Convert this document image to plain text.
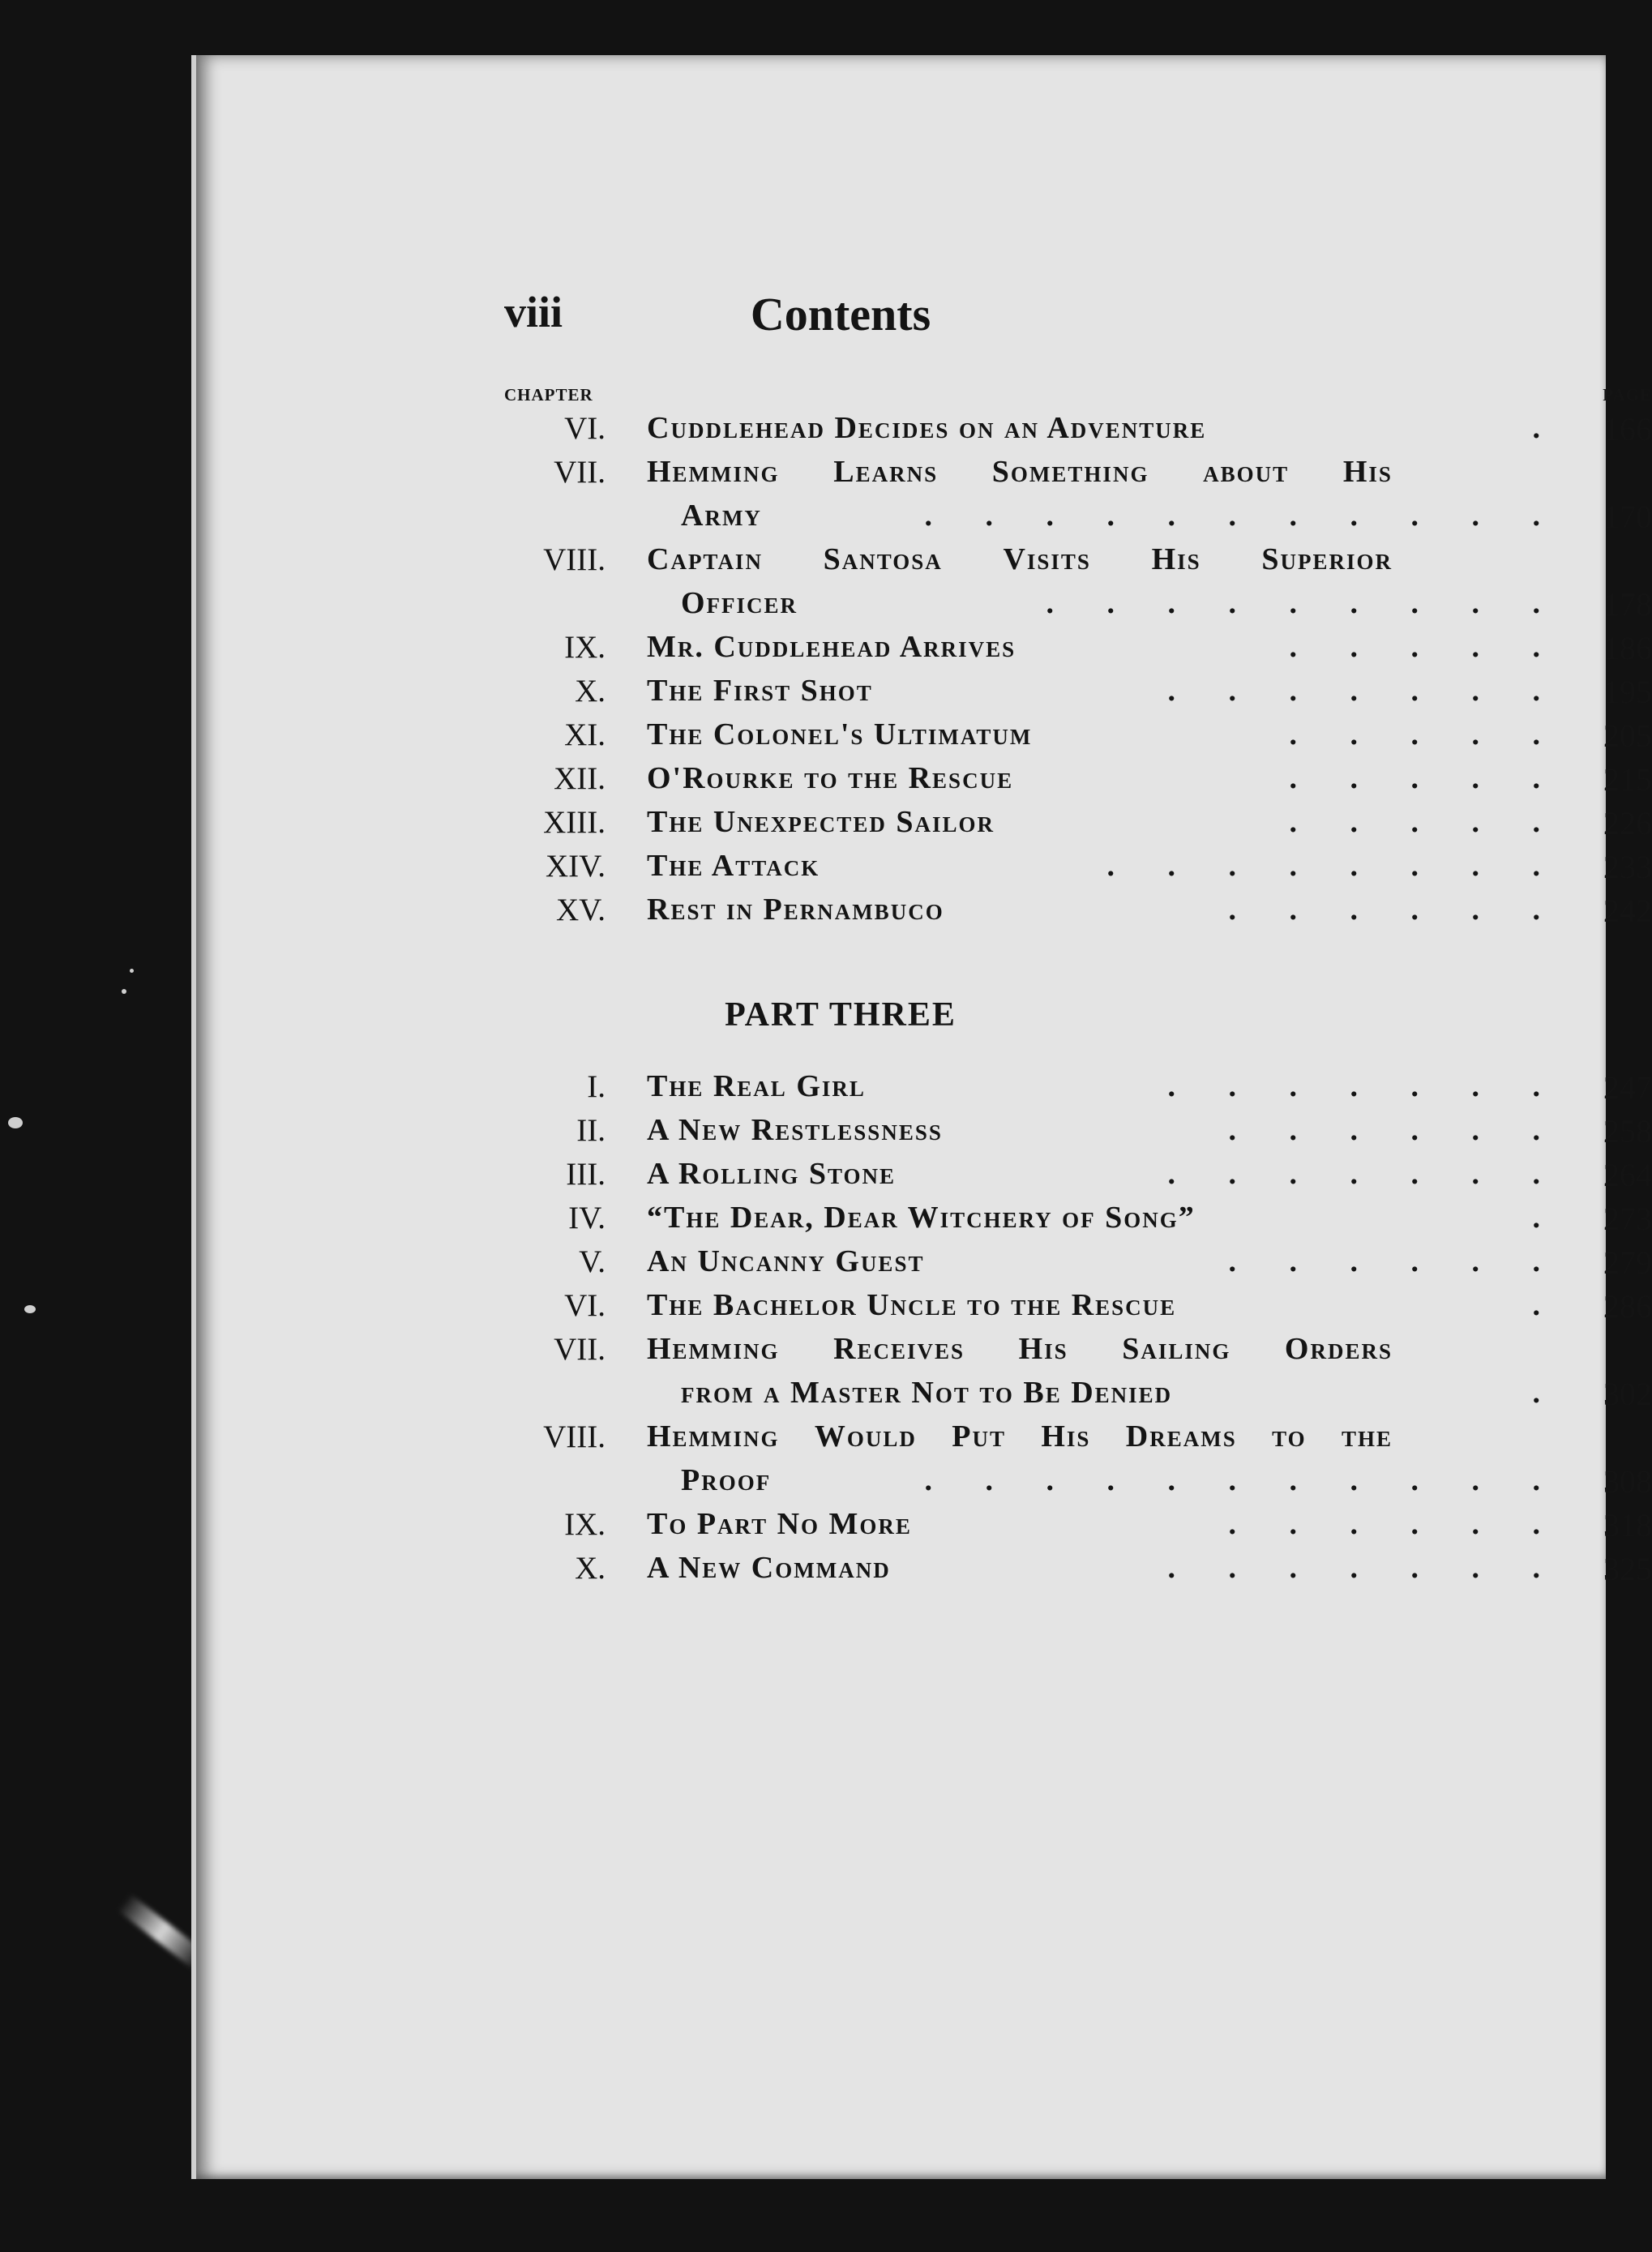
viii	Contents
CHAPTER	PAGE
VI. Cuddlehead Decides on an Adventure	.	166
VII. Hemming Learns Something about His
Army	. . . . . . . . . . .	170
VIII. Captain Santosa Visits His Superior
Officer	. . . . . . . . .	178
IX. Mr. Cuddlehead Arrives	. . . . .	186
X. The First Shot	. . . . . . .	195
XI. The Colonel's Ultimatum	. . . . .	205
XII. O'Rourke to the Rescue	. . . . .	215
XIII. The Unexpected Sailor	. . . . .	226
XIV. The Attack	. . . . . . . .	233
XV. Rest in Pernambuco	. . . . . .	242
PART THREE
I. The Real Girl	. . . . . . .	247
II. A New Restlessness	. . . . . .	258
III. A Rolling Stone	. . . . . . .	264
IV. “The Dear, Dear Witchery of Song”	.	273
V. An Uncanny Guest	. . . . . .	279
VI. The Bachelor Uncle to the Rescue	.	286
VII. Hemming Receives His Sailing Orders
from a Master Not to Be Denied	.	302
VIII. Hemming Would Put His Dreams to the
Proof	. . . . . . . . . . .	308
IX. To Part No More	. . . . . .	318
X. A New Command	. . . . . . .	325
